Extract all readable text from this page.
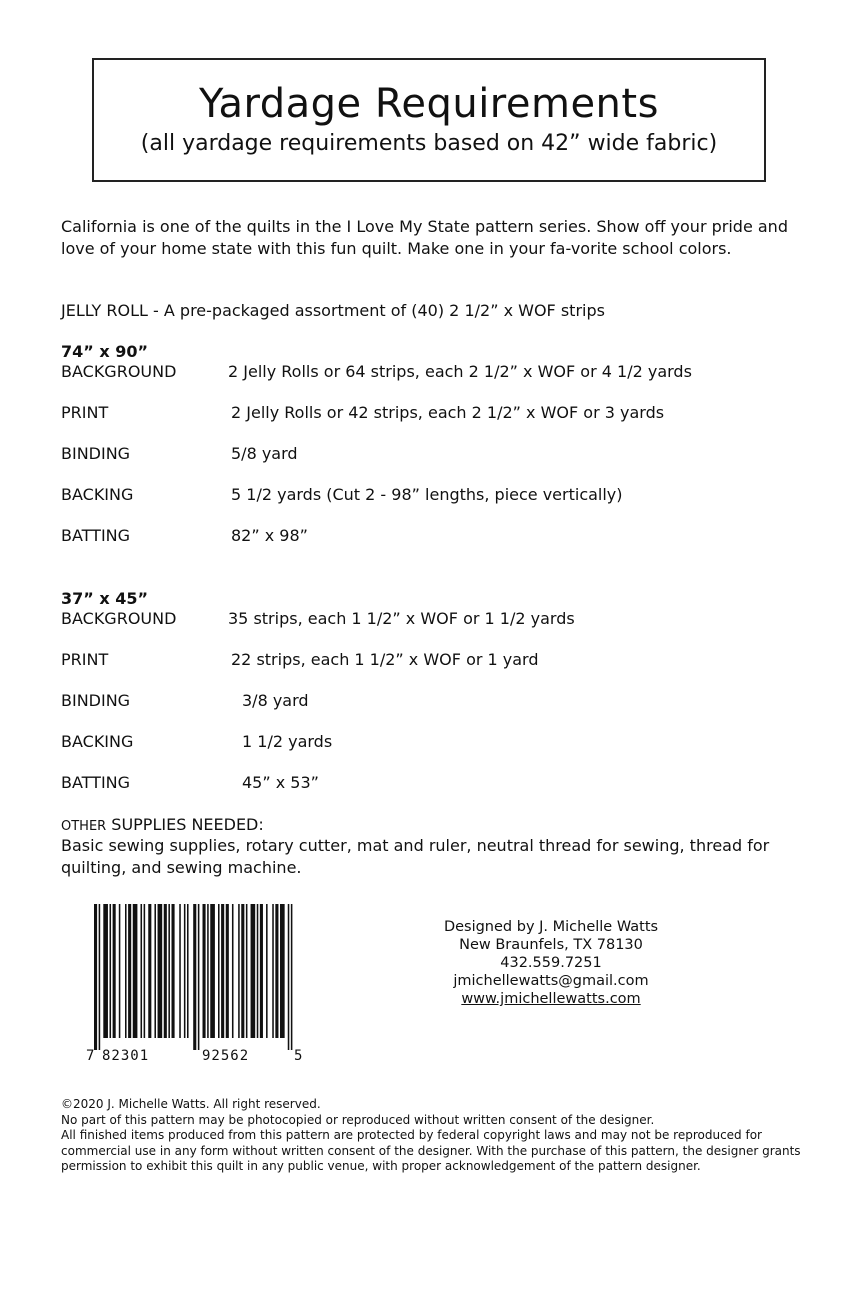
Yardage Requirements
(all yardage requirements based on 42” wide fabric)

California is one of the quilts in the I Love My State pattern series. Show off your pride and love of your home state with this fun quilt. Make one in your fa-vorite school colors.

JELLY ROLL - A pre-packaged assortment of (40) 2 1/2” x WOF strips

74” x 90”

BACKGROUND	2 Jelly Rolls or 64 strips, each 2 1/2” x WOF or 4 1/2 yards
PRINT	2 Jelly Rolls or 42 strips, each 2 1/2” x WOF or 3 yards
BINDING	5/8 yard
BACKING	5 1/2 yards (Cut 2 - 98” lengths, piece vertically)
BATTING	82” x 98”

37” x 45”

BACKGROUND	35 strips, each 1 1/2” x WOF or 1 1/2 yards
PRINT	22 strips, each 1 1/2” x WOF or 1 yard
BINDING	3/8 yard
BACKING	1 1/2 yards
BATTING	45” x 53”
OTHER SUPPLIES NEEDED:

Basic sewing supplies, rotary cutter, mat and ruler, neutral thread for sewing, thread for quilting, and sewing machine.

7 82301	92562	5
Designed by J. Michelle Watts
New Braunfels, TX 78130
432.559.7251
jmichellewatts@gmail.com
www.jmichellewatts.com
©2020 J. Michelle Watts. All right reserved.
No part of this pattern may be photocopied or reproduced without written consent of the designer.
All finished items produced from this pattern are protected by federal copyright laws and may not be reproduced for commercial use in any form without written consent of the designer. With the purchase of this pattern, the designer grants permission to exhibit this quilt in any public venue, with proper acknowledgement of the pattern designer.
